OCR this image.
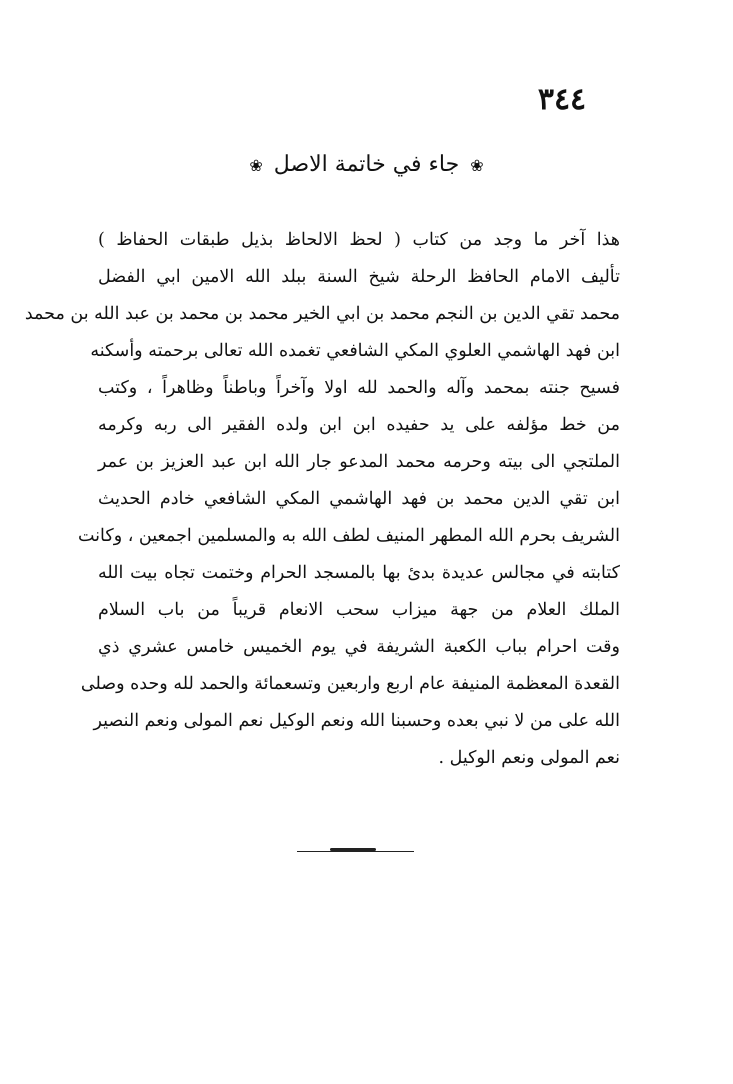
٣٤٤
❀ جاء في خاتمة الاصل ❀
هذا آخر ما وجد من كتاب ( لحظ الالحاظ بذيل طبقات الحفاظ )
تأليف الامام الحافظ الرحلة شيخ السنة ببلد الله الامين ابي الفضل
محمد تقي الدين بن النجم محمد بن ابي الخير محمد بن محمد بن عبد الله بن محمد
ابن فهد الهاشمي العلوي المكي الشافعي تغمده الله تعالى برحمته وأسكنه
فسيح جنته بمحمد وآله والحمد لله اولا وآخراً وباطناً وظاهراً ، وكتب
من خط مؤلفه على يد حفيده ابن ابن ولده الفقير الى ربه وكرمه
الملتجي الى بيته وحرمه محمد المدعو جار الله ابن عبد العزيز بن عمر
ابن تقي الدين محمد بن فهد الهاشمي المكي الشافعي خادم الحديث
الشريف بحرم الله المطهر المنيف لطف الله به والمسلمين اجمعين ، وكانت
كتابته في مجالس عديدة بدئ بها بالمسجد الحرام وختمت تجاه بيت الله
الملك العلام من جهة ميزاب سحب الانعام قريباً من باب السلام
وقت احرام بباب الكعبة الشريفة في يوم الخميس خامس عشري ذي
القعدة المعظمة المنيفة عام اربع واربعين وتسعمائة والحمد لله وحده وصلى
الله على من لا نبي بعده وحسبنا الله ونعم الوكيل نعم المولى ونعم النصير
نعم المولى ونعم الوكيل .
